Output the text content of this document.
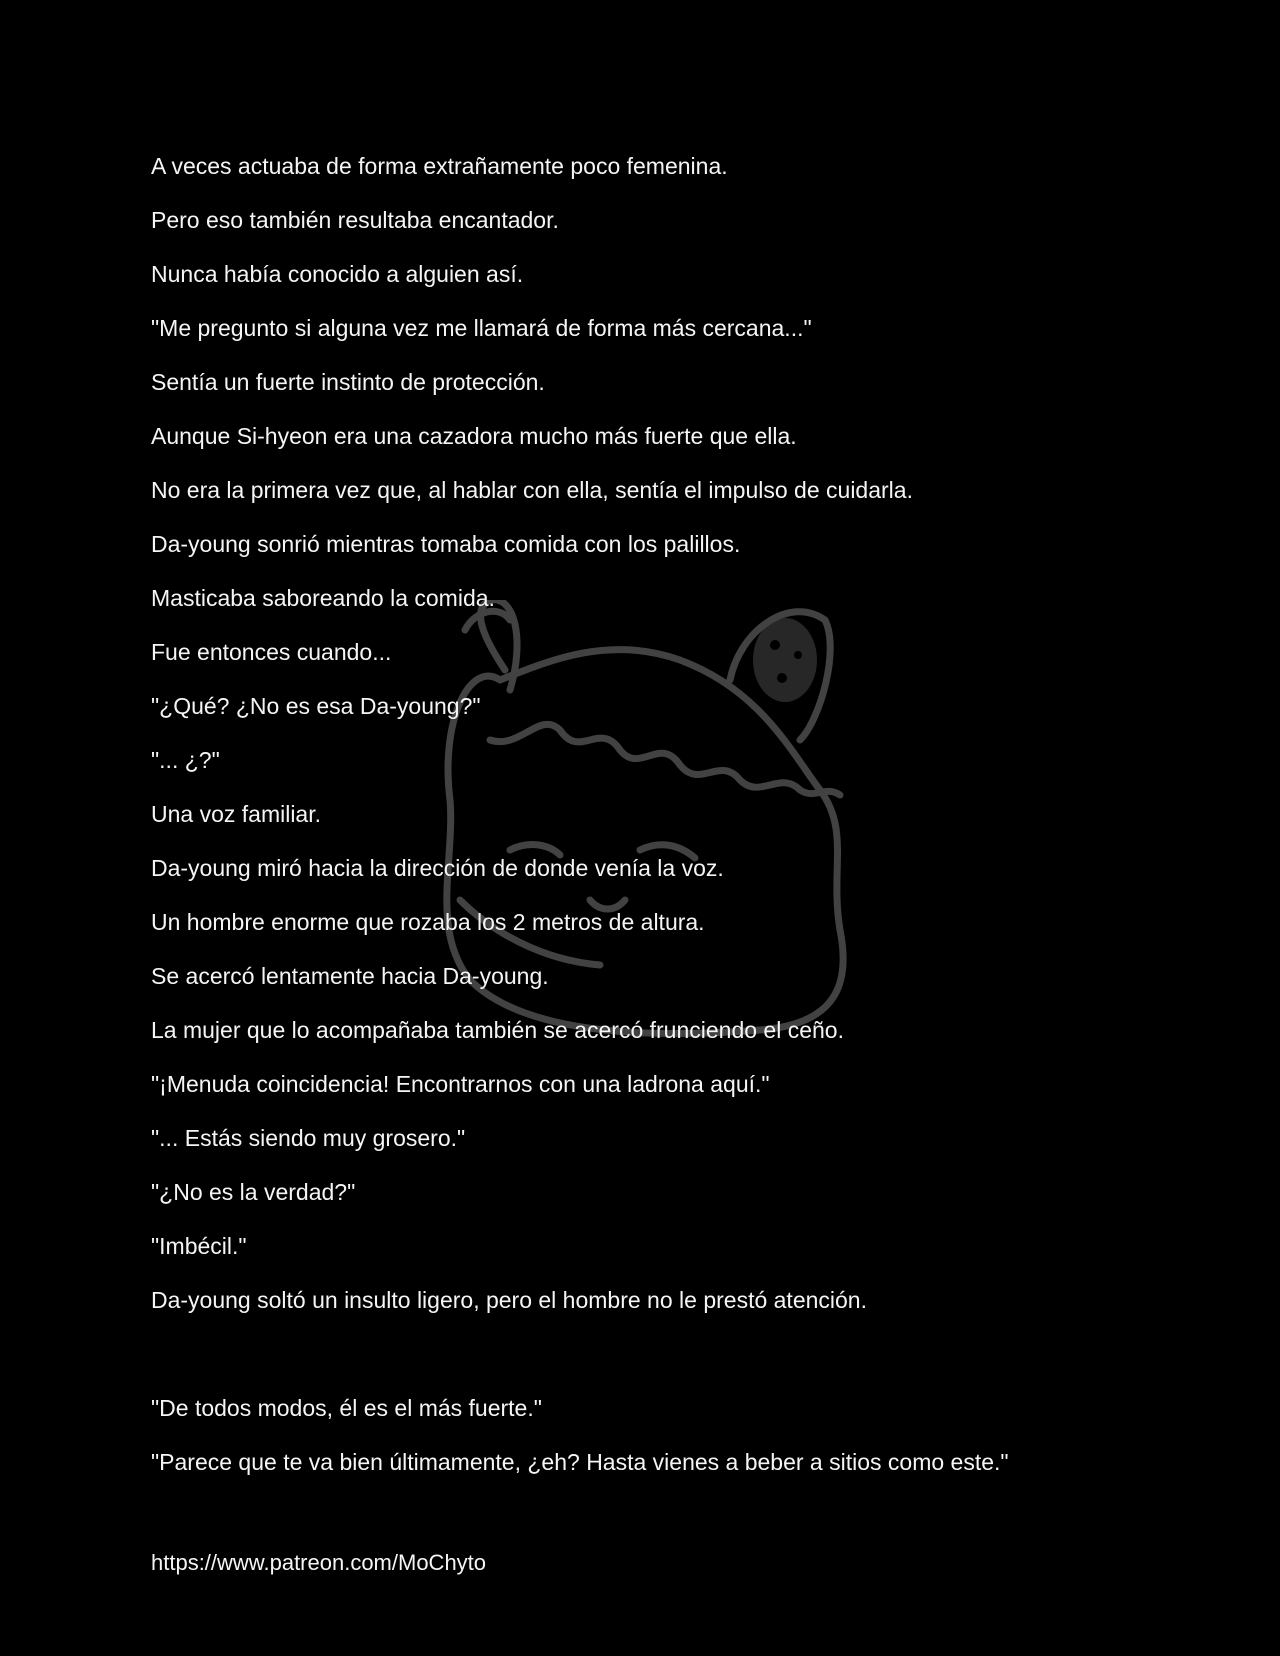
A veces actuaba de forma extrañamente poco femenina.
Pero eso también resultaba encantador.
Nunca había conocido a alguien así.
"Me pregunto si alguna vez me llamará de forma más cercana..."
Sentía un fuerte instinto de protección.
Aunque Si-hyeon era una cazadora mucho más fuerte que ella.
No era la primera vez que, al hablar con ella, sentía el impulso de cuidarla.
Da-young sonrió mientras tomaba comida con los palillos.
Masticaba saboreando la comida.
Fue entonces cuando...
"¿Qué? ¿No es esa Da-young?"
"... ¿?"
Una voz familiar.
Da-young miró hacia la dirección de donde venía la voz.
Un hombre enorme que rozaba los 2 metros de altura.
Se acercó lentamente hacia Da-young.
La mujer que lo acompañaba también se acercó frunciendo el ceño.
"¡Menuda coincidencia! Encontrarnos con una ladrona aquí."
"... Estás siendo muy grosero."
"¿No es la verdad?"
"Imbécil."
Da-young soltó un insulto ligero, pero el hombre no le prestó atención.
"De todos modos, él es el más fuerte."
"Parece que te va bien últimamente, ¿eh? Hasta vienes a beber a sitios como este."
https://www.patreon.com/MoChyto
